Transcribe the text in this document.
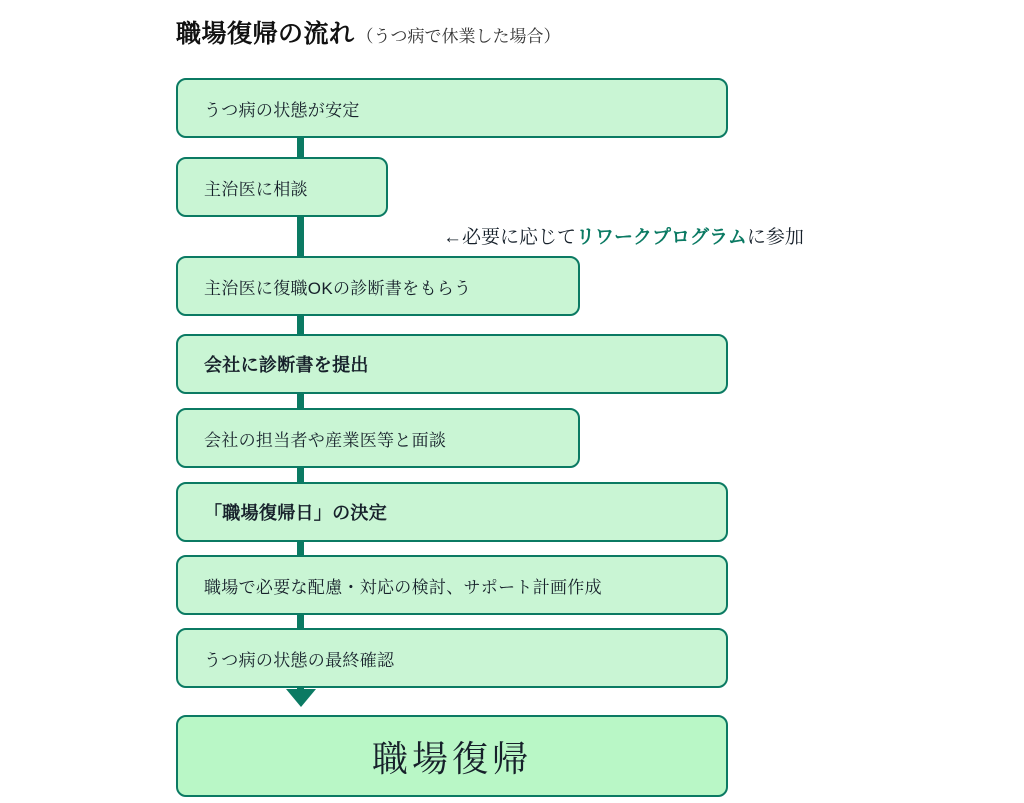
職場復帰の流れ （うつ病で休業した場合）
うつ病の状態が安定
主治医に相談
主治医に復職OKの診断書をもらう
会社に診断書を提出
会社の担当者や産業医等と面談
「職場復帰日」の決定
職場で必要な配慮・対応の検討、サポート計画作成
うつ病の状態の最終確認
職場復帰
←必要に応じてリワークプログラムに参加
